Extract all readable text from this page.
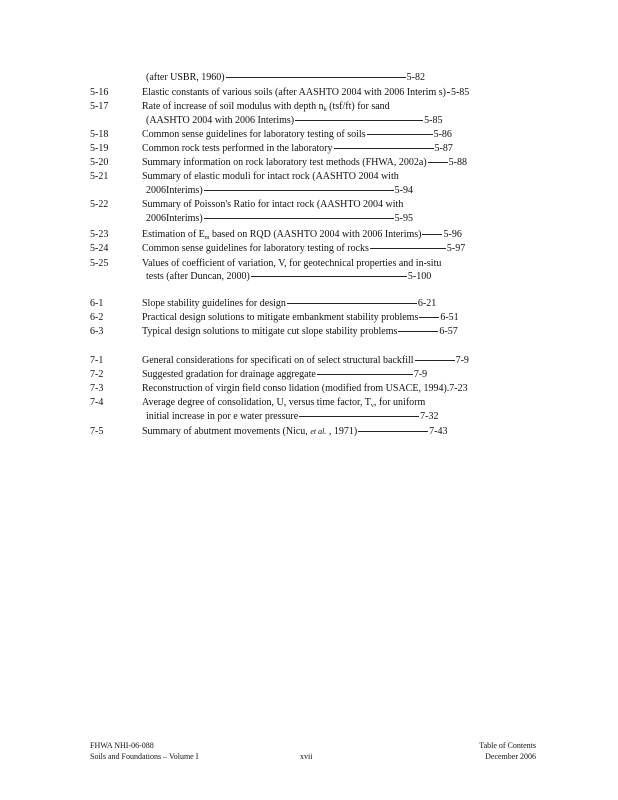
(after USBR, 1960)	5-82
5-16	Elastic constants of various soils (after AASHTO 2004 with 2006 Interim s) 5-85
5-17	Rate of increase of soil modulus with depth $n_h$ (tsf/ft) for sand
(AASHTO 2004 with 2006 Interims)	5-85
5-18	Common sense guidelines for laboratory testing of soils	5-86
5-19	Common rock tests performed in the laboratory	5-87
5-20	Summary information on rock laboratory test methods (FHWA, 2002a) 5-88
5-21	Summary of elastic moduli for intact rock (AASHTO 2004 with
2006Interims)	5-94
5-22	Summary of Poisson's Ratio for intact rock (AASHTO 2004 with
2006Interims)	5-95
5-23	Estimation of $E_m$ based on RQD (AASHTO 2004 with 2006 Interims) 5-96
5-24	Common sense guidelines for laboratory testing of rocks	5-97
5-25	Values of coefficient of variation, V, for geotechnical properties and in-situ
tests (after Duncan, 2000)	5-100
6-1	Slope stability guidelines for design	6-21
6-2	Practical design solutions to mitigate embankment stability problems 6-51
6-3	Typical design solutions to mitigate cut slope stability problems	6-57
7-1	General considerations for specificati on of select structural backfill	7-9
7-2	Suggested gradation for drainage aggregate	7-9
7-3	Reconstruction of virgin field conso lidation (modified from USACE, 1994).7-23
7-4	Average degree of consolidation, U, versus time factor, $T_v$, for uniform
initial increase in por e water pressure	7-32
7-5	Summary of abutment movements (Nicu, et al. , 1971)	7-43
FHWA NHI-06-088
Soils and Foundations – Volume I	xvii
Table of Contents
December 2006
